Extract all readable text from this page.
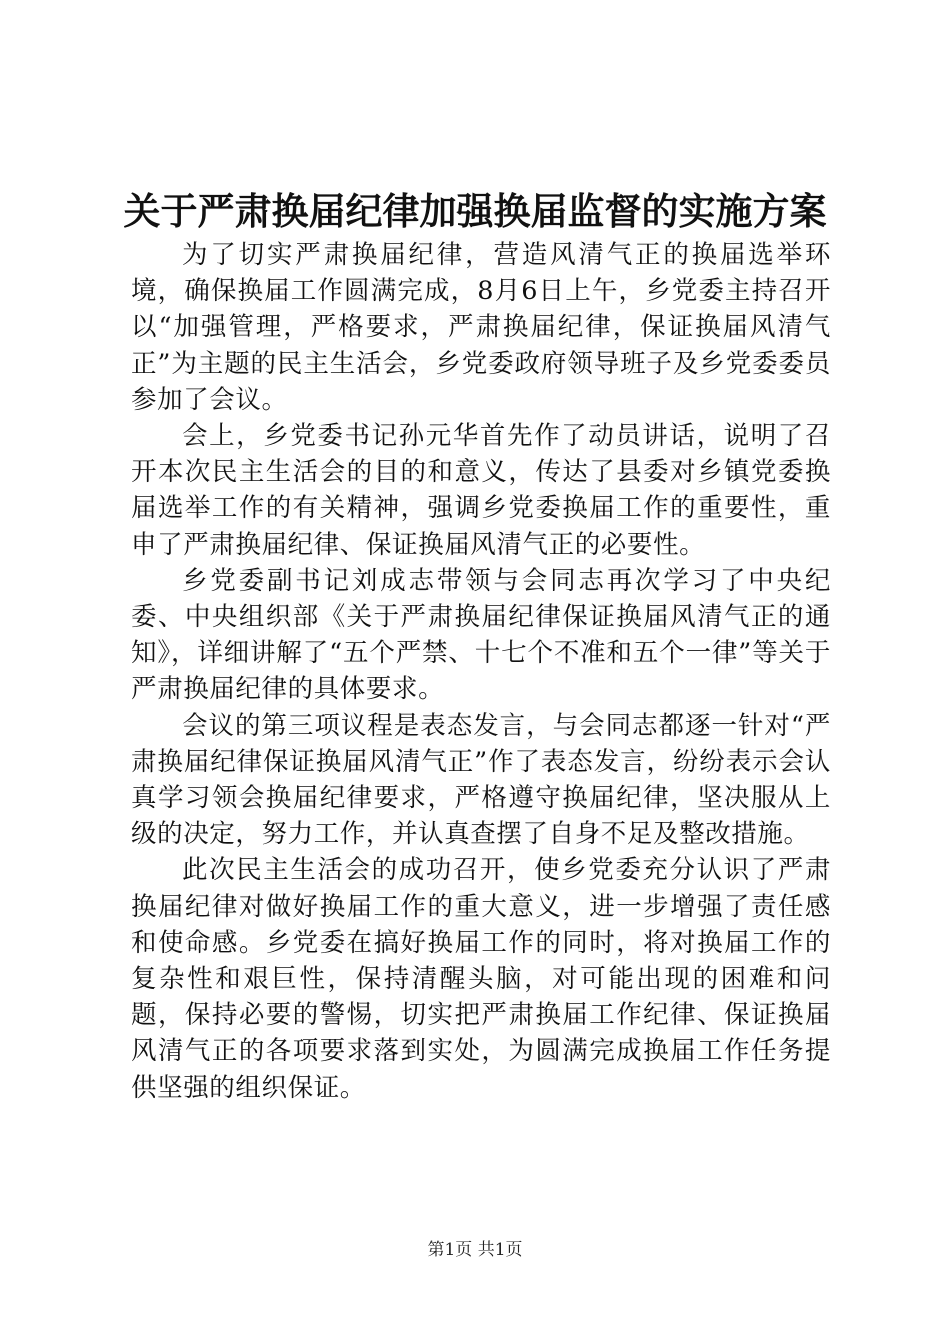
关于严肃换届纪律加强换届监督的实施方案

为了切实严肃换届纪律，营造风清气正的换届选举环境，确保换届工作圆满完成，8月6日上午，乡党委主持召开以“加强管理，严格要求，严肃换届纪律，保证换届风清气正”为主题的民主生活会，乡党委政府领导班子及乡党委委员参加了会议。

会上，乡党委书记孙元华首先作了动员讲话，说明了召开本次民主生活会的目的和意义，传达了县委对乡镇党委换届选举工作的有关精神，强调乡党委换届工作的重要性，重申了严肃换届纪律、保证换届风清气正的必要性。

乡党委副书记刘成志带领与会同志再次学习了中央纪委、中央组织部《关于严肃换届纪律保证换届风清气正的通知》，详细讲解了“五个严禁、十七个不准和五个一律”等关于严肃换届纪律的具体要求。

会议的第三项议程是表态发言，与会同志都逐一针对“严肃换届纪律保证换届风清气正”作了表态发言，纷纷表示会认真学习领会换届纪律要求，严格遵守换届纪律，坚决服从上级的决定，努力工作，并认真查摆了自身不足及整改措施。

此次民主生活会的成功召开，使乡党委充分认识了严肃换届纪律对做好换届工作的重大意义，进一步增强了责任感和使命感。乡党委在搞好换届工作的同时，将对换届工作的复杂性和艰巨性，保持清醒头脑，对可能出现的困难和问题，保持必要的警惕，切实把严肃换届工作纪律、保证换届风清气正的各项要求落到实处，为圆满完成换届工作任务提供坚强的组织保证。

第1页 共1页
